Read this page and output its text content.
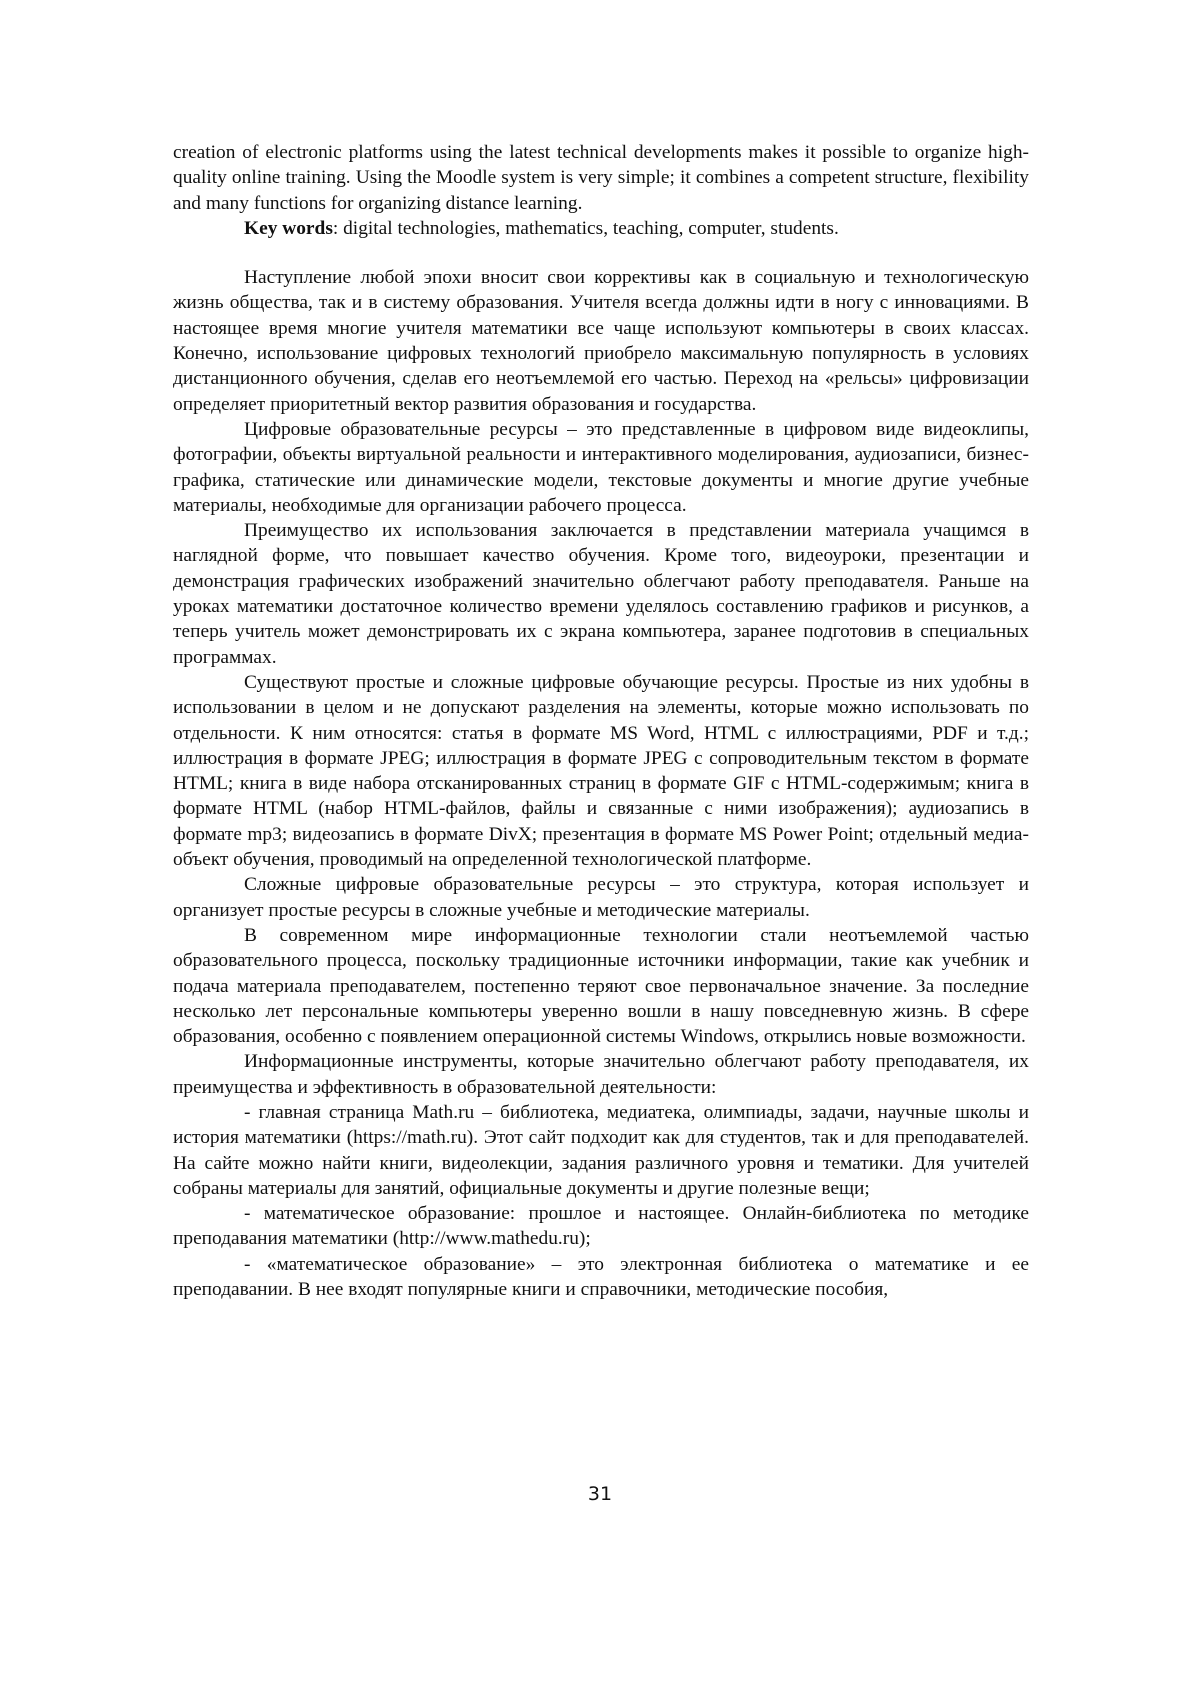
creation of electronic platforms using the latest technical developments makes it possible to organize high-quality online training. Using the Moodle system is very simple; it combines a competent structure, flexibility and many functions for organizing distance learning.

Key words: digital technologies, mathematics, teaching, computer, students.

Наступление любой эпохи вносит свои коррективы как в социальную и технологическую жизнь общества, так и в систему образования. Учителя всегда должны идти в ногу с инновациями. В настоящее время многие учителя математики все чаще используют компьютеры в своих классах. Конечно, использование цифровых технологий приобрело максимальную популярность в условиях дистанционного обучения, сделав его неотъемлемой его частью. Переход на «рельсы» цифровизации определяет приоритетный вектор развития образования и государства.

Цифровые образовательные ресурсы – это представленные в цифровом виде видеоклипы, фотографии, объекты виртуальной реальности и интерактивного моделирования, аудиозаписи, бизнес-графика, статические или динамические модели, текстовые документы и многие другие учебные материалы, необходимые для организации рабочего процесса.

Преимущество их использования заключается в представлении материала учащимся в наглядной форме, что повышает качество обучения. Кроме того, видеоуроки, презентации и демонстрация графических изображений значительно облегчают работу преподавателя. Раньше на уроках математики достаточное количество времени уделялось составлению графиков и рисунков, а теперь учитель может демонстрировать их с экрана компьютера, заранее подготовив в специальных программах.

Существуют простые и сложные цифровые обучающие ресурсы. Простые из них удобны в использовании в целом и не допускают разделения на элементы, которые можно использовать по отдельности. К ним относятся: статья в формате MS Word, HTML с иллюстрациями, PDF и т.д.; иллюстрация в формате JPEG; иллюстрация в формате JPEG с сопроводительным текстом в формате HTML; книга в виде набора отсканированных страниц в формате GIF с HTML-содержимым; книга в формате HTML (набор HTML-файлов, файлы и связанные с ними изображения); аудиозапись в формате mp3; видеозапись в формате DivX; презентация в формате MS Power Point; отдельный медиа-объект обучения, проводимый на определенной технологической платформе.

Сложные цифровые образовательные ресурсы – это структура, которая использует и организует простые ресурсы в сложные учебные и методические материалы.

В современном мире информационные технологии стали неотъемлемой частью образовательного процесса, поскольку традиционные источники информации, такие как учебник и подача материала преподавателем, постепенно теряют свое первоначальное значение. За последние несколько лет персональные компьютеры уверенно вошли в нашу повседневную жизнь. В сфере образования, особенно с появлением операционной системы Windows, открылись новые возможности.

Информационные инструменты, которые значительно облегчают работу преподавателя, их преимущества и эффективность в образовательной деятельности:

- главная страница Math.ru – библиотека, медиатека, олимпиады, задачи, научные школы и история математики (https://math.ru). Этот сайт подходит как для студентов, так и для преподавателей. На сайте можно найти книги, видеолекции, задания различного уровня и тематики. Для учителей собраны материалы для занятий, официальные документы и другие полезные вещи;

- математическое образование: прошлое и настоящее. Онлайн-библиотека по методике преподавания математики (http://www.mathedu.ru);

- «математическое образование» – это электронная библиотека о математике и ее преподавании. В нее входят популярные книги и справочники, методические пособия,

31
